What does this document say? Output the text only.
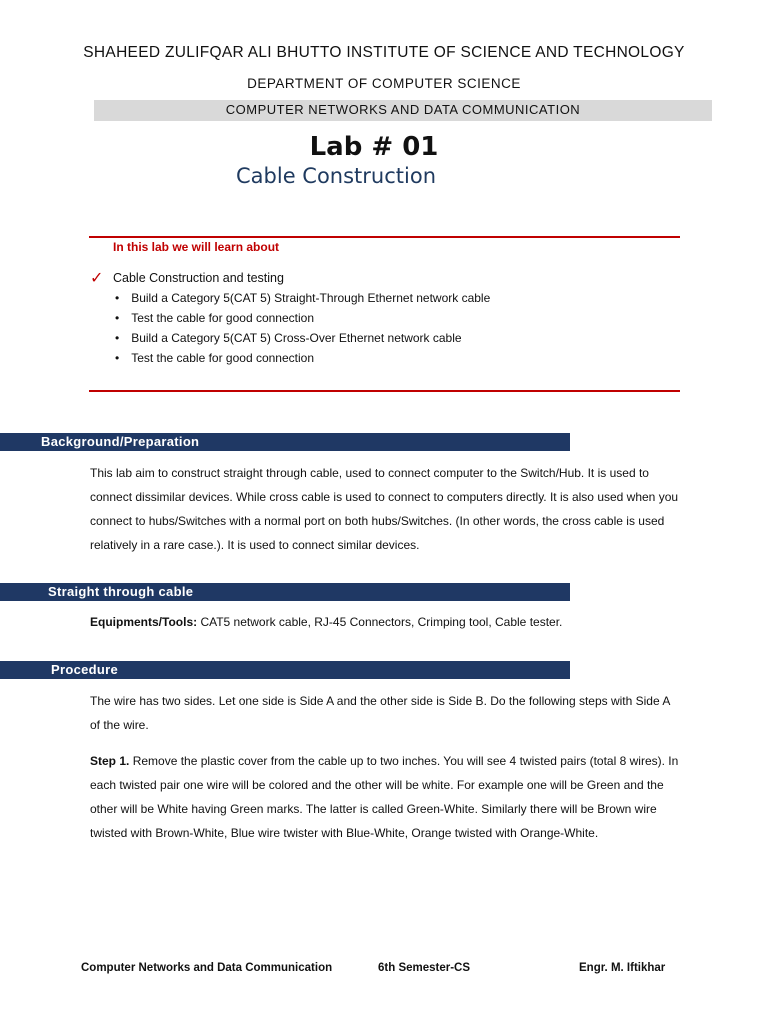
SHAHEED ZULIFQAR ALI BHUTTO INSTITUTE OF SCIENCE AND TECHNOLOGY
DEPARTMENT OF COMPUTER SCIENCE
COMPUTER NETWORKS AND DATA COMMUNICATION
Lab # 01
Cable Construction
In this lab we will learn about
✓ Cable Construction and testing
• Build a Category 5(CAT 5) Straight-Through Ethernet network cable
• Test the cable for good connection
• Build a Category 5(CAT 5) Cross-Over Ethernet network cable
• Test the cable for good connection
Background/Preparation
This lab aim to construct straight through cable, used to connect computer to the Switch/Hub. It is used to connect dissimilar devices. While cross cable is used to connect to computers directly. It is also used when you connect to hubs/Switches with a normal port on both hubs/Switches. (In other words, the cross cable is used relatively in a rare case.). It is used to connect similar devices.
Straight through cable
Equipments/Tools: CAT5 network cable, RJ-45 Connectors, Crimping tool, Cable tester.
Procedure
The wire has two sides. Let one side is Side A and the other side is Side B. Do the following steps with Side A of the wire.
Step 1. Remove the plastic cover from the cable up to two inches. You will see 4 twisted pairs (total 8 wires). In each twisted pair one wire will be colored and the other will be white. For example one will be Green and the other will be White having Green marks. The latter is called Green-White. Similarly there will be Brown wire twisted with Brown-White, Blue wire twister with Blue-White, Orange twisted with Orange-White.
Computer Networks and Data Communication	6th Semester-CS	Engr. M. Iftikhar
